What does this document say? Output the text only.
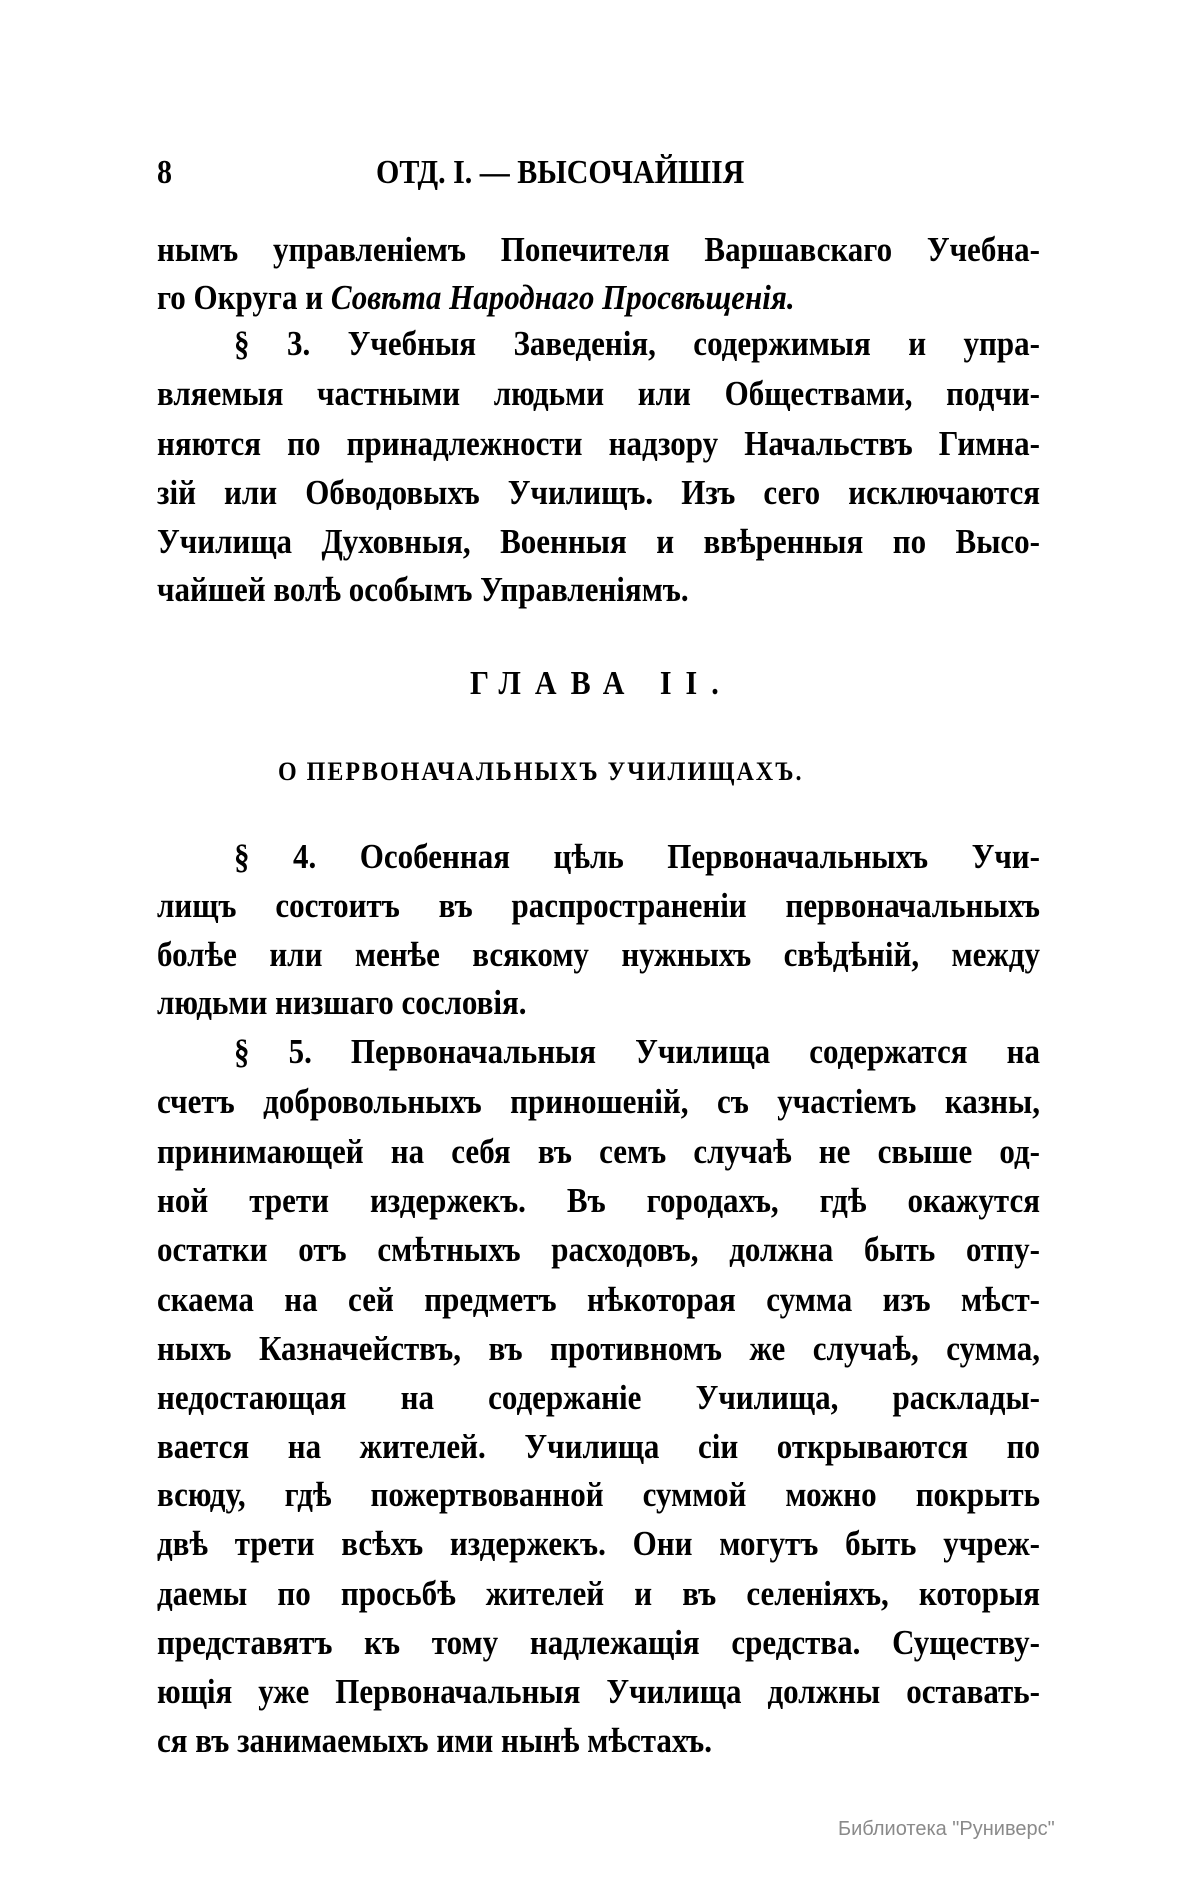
8	ОТД. I. — ВЫСОЧАЙШІЯ
нымъ управленіемъ Попечителя Варшавскаго Учебна-
го Округа и Совѣта Народнаго Просвѣщенія.
§ 3. Учебныя Заведенія, содержимыя и упра-
вляемыя частными людьми или Обществами, подчи-
няются по принадлежности надзору Начальствъ Гимна-
зій или Обводовыхъ Училищъ. Изъ сего исключаются
Училища Духовныя, Военныя и ввѣренныя по Высо-
чайшей волѣ особымъ Управленіямъ.
ГЛАВА II.
О ПЕРВОНАЧАЛЬНЫХЪ УЧИЛИЩАХЪ.
§ 4. Особенная цѣль Первоначальныхъ Учи-
лищъ состоитъ въ распространеніи первоначальныхъ
болѣе или менѣе всякому нужныхъ свѣдѣній, между
людьми низшаго сословія.
§ 5. Первоначальныя Училища содержатся на
счетъ добровольныхъ приношеній, съ участіемъ казны,
принимающей на себя въ семъ случаѣ не свыше од-
ной трети издержекъ. Въ городахъ, гдѣ окажутся
остатки отъ смѣтныхъ расходовъ, должна быть отпу-
скаема на сей предметъ нѣкоторая сумма изъ мѣст-
ныхъ Казначействъ, въ противномъ же случаѣ, сумма,
недостающая на содержаніе Училища, расклады-
вается на жителей. Училища сіи открываются по
всюду, гдѣ пожертвованной суммой можно покрыть
двѣ трети всѣхъ издержекъ. Они могутъ быть учреж-
даемы по просьбѣ жителей и въ селеніяхъ, которыя
представятъ къ тому надлежащія средства. Существу-
ющія уже Первоначальныя Училища должны оставать-
ся въ занимаемыхъ ими нынѣ мѣстахъ.
Библиотека "Руниверс"
